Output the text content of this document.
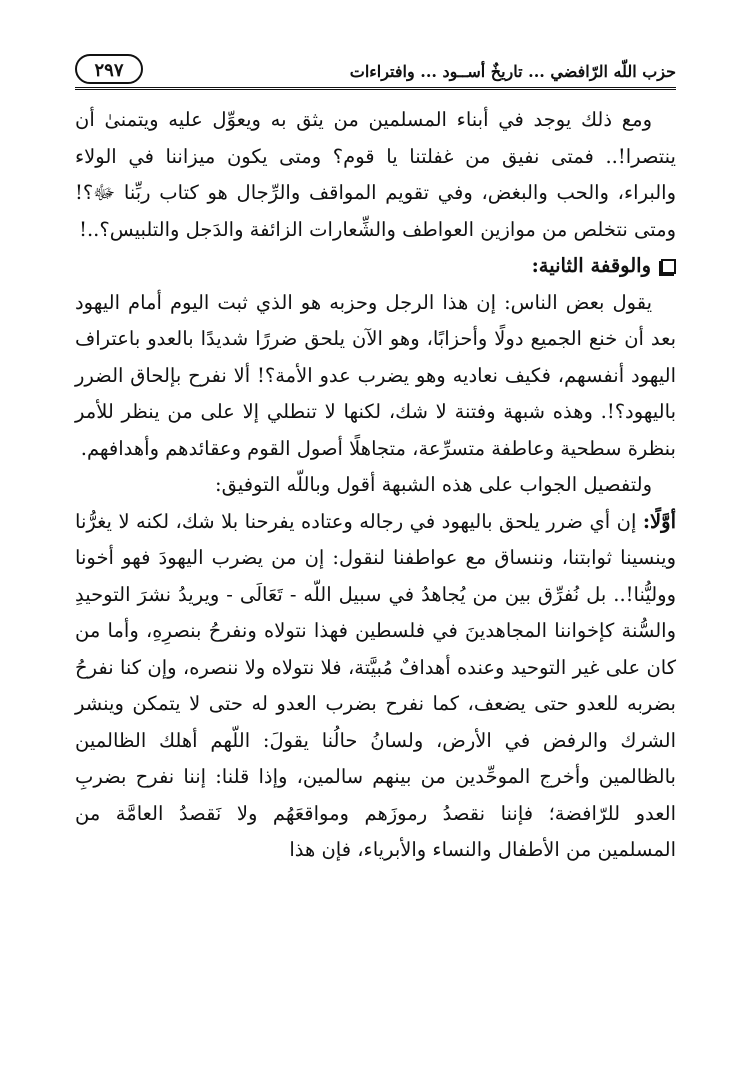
حزب اللّه الرّافضي ... تاريخٌ أســود ... وافتراءات
٢٩٧

ومع ذلك يوجد في أبناء المسلمين من يثق به ويعوِّل عليه ويتمنىٰ أن ينتصرا!.. فمتى نفيق من غفلتنا يا قوم؟ ومتى يكون ميزاننا في الولاء والبراء، والحب والبغض، وفي تقويم المواقف والرِّجال هو كتاب ربِّنا ﷻ؟! ومتى نتخلص من موازين العواطف والشِّعارات الزائفة والدَجل والتلبيس؟..!

والوقفة الثانية:

يقول بعض الناس: إن هذا الرجل وحزبه هو الذي ثبت اليوم أمام اليهود بعد أن خنع الجميع دولًا وأحزابًا، وهو الآن يلحق ضررًا شديدًا بالعدو باعتراف اليهود أنفسهم، فكيف نعاديه وهو يضرب عدو الأمة؟! ألا نفرح بإلحاق الضرر باليهود؟!. وهذه شبهة وفتنة لا شك، لكنها لا تنطلي إلا على من ينظر للأمر بنظرة سطحية وعاطفة متسرِّعة، متجاهلًا أصول القوم وعقائدهم وأهدافهم.

ولتفصيل الجواب على هذه الشبهة أقول وباللّه التوفيق:

أوَّلًا: إن أي ضرر يلحق باليهود في رجاله وعتاده يفرحنا بلا شك، لكنه لا يغرُّنا وينسينا ثوابتنا، وننساق مع عواطفنا لنقول: إن من يضرب اليهودَ فهو أخونا ووليُّنا!.. بل نُفرِّق بين من يُجاهدُ في سبيل اللّه - تَعَالَى - ويريدُ نشرَ التوحيدِ والسُّنة كإخواننا المجاهدينَ في فلسطين فهذا نتولاه ونفرحُ بنصرِهِ، وأما من كان على غير التوحيد وعنده أهدافٌ مُبيَّتة، فلا نتولاه ولا ننصره، وإن كنا نفرحُ بضربه للعدو حتى يضعف، كما نفرح بضرب العدو له حتى لا يتمكن وينشر الشرك والرفض في الأرض، ولسانُ حالُنا يقولَ: اللّهم أهلك الظالمين بالظالمين وأخرج الموحِّدين من بينهم سالمين، وإذا قلنا: إننا نفرح بضربِ العدو للرّافضة؛ فإننا نقصدُ رموزَهم ومواقعَهُم ولا نَقصدُ العامَّة من المسلمين من الأطفال والنساء والأبرياء، فإن هذا
